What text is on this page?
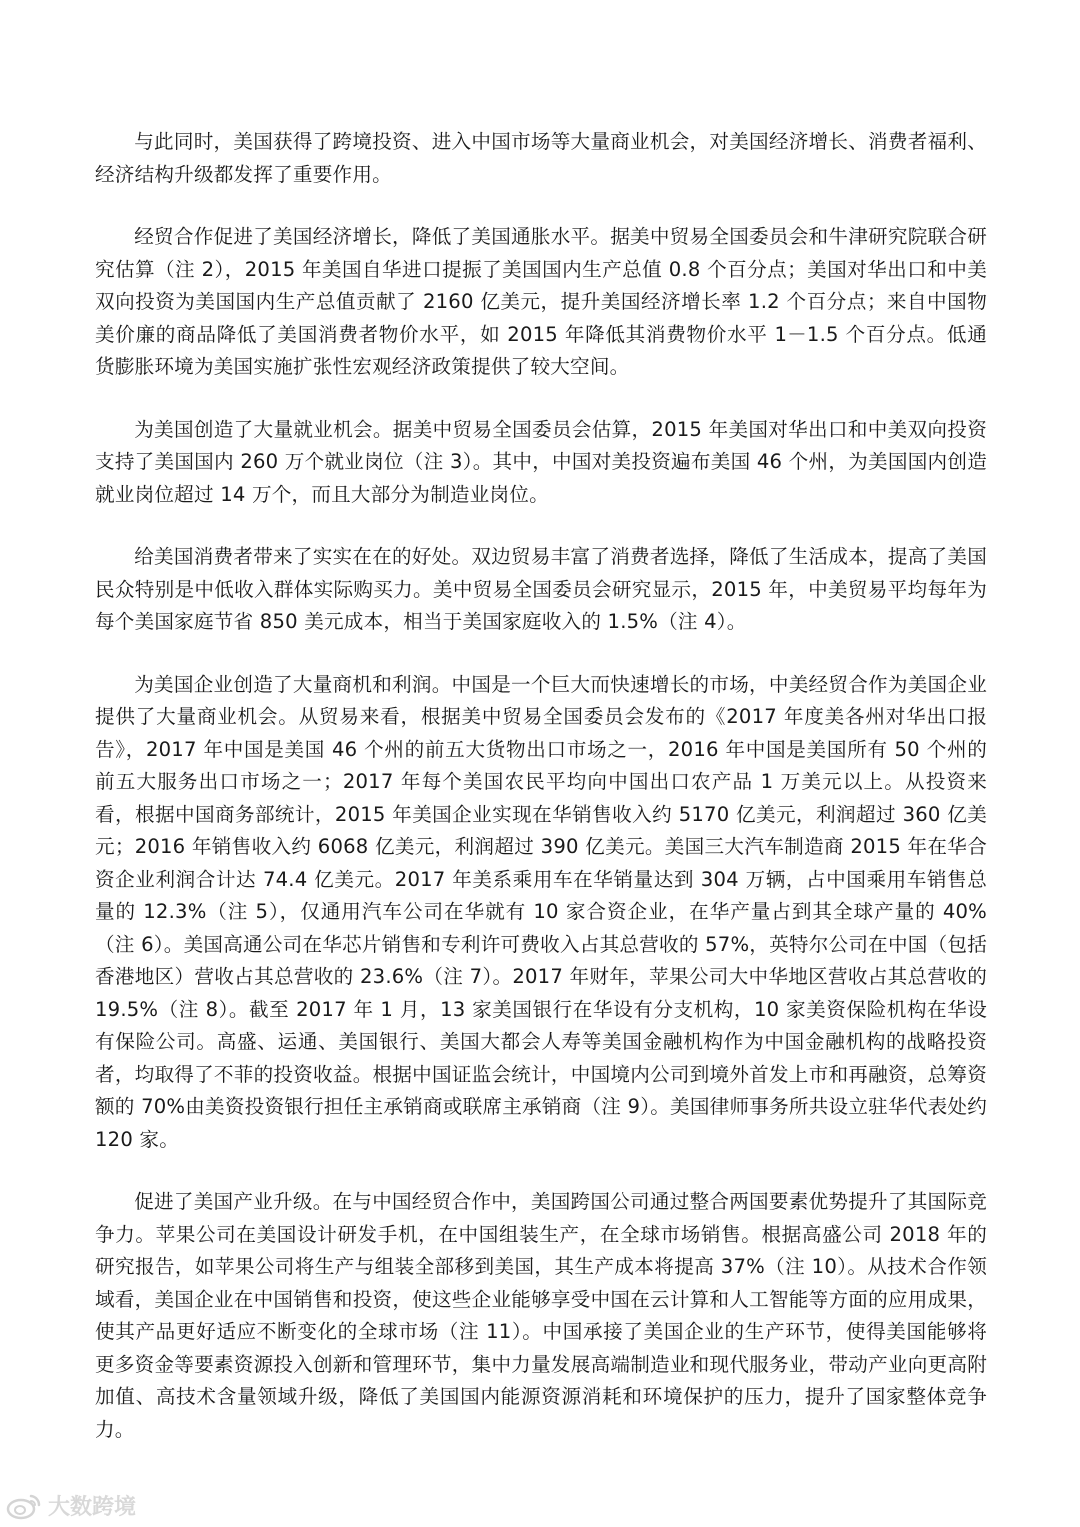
与此同时，美国获得了跨境投资、进入中国市场等大量商业机会，对美国经济增长、消费者福利、经济结构升级都发挥了重要作用。

经贸合作促进了美国经济增长，降低了美国通胀水平。据美中贸易全国委员会和牛津研究院联合研究估算（注 2），2015 年美国自华进口提振了美国国内生产总值 0.8 个百分点；美国对华出口和中美双向投资为美国国内生产总值贡献了 2160 亿美元，提升美国经济增长率 1.2 个百分点；来自中国物美价廉的商品降低了美国消费者物价水平，如 2015 年降低其消费物价水平 1－1.5 个百分点。低通货膨胀环境为美国实施扩张性宏观经济政策提供了较大空间。

为美国创造了大量就业机会。据美中贸易全国委员会估算，2015 年美国对华出口和中美双向投资支持了美国国内 260 万个就业岗位（注 3）。其中，中国对美投资遍布美国 46 个州，为美国国内创造就业岗位超过 14 万个，而且大部分为制造业岗位。

给美国消费者带来了实实在在的好处。双边贸易丰富了消费者选择，降低了生活成本，提高了美国民众特别是中低收入群体实际购买力。美中贸易全国委员会研究显示，2015 年，中美贸易平均每年为每个美国家庭节省 850 美元成本，相当于美国家庭收入的 1.5%（注 4）。

为美国企业创造了大量商机和利润。中国是一个巨大而快速增长的市场，中美经贸合作为美国企业提供了大量商业机会。从贸易来看，根据美中贸易全国委员会发布的《2017 年度美各州对华出口报告》，2017 年中国是美国 46 个州的前五大货物出口市场之一，2016 年中国是美国所有 50 个州的前五大服务出口市场之一；2017 年每个美国农民平均向中国出口农产品 1 万美元以上。从投资来看，根据中国商务部统计，2015 年美国企业实现在华销售收入约 5170 亿美元，利润超过 360 亿美元；2016 年销售收入约 6068 亿美元，利润超过 390 亿美元。美国三大汽车制造商 2015 年在华合资企业利润合计达 74.4 亿美元。2017 年美系乘用车在华销量达到 304 万辆，占中国乘用车销售总量的 12.3%（注 5），仅通用汽车公司在华就有 10 家合资企业，在华产量占到其全球产量的 40%（注 6）。美国高通公司在华芯片销售和专利许可费收入占其总营收的 57%，英特尔公司在中国（包括香港地区）营收占其总营收的 23.6%（注 7）。2017 年财年，苹果公司大中华地区营收占其总营收的 19.5%（注 8）。截至 2017 年 1 月，13 家美国银行在华设有分支机构，10 家美资保险机构在华设有保险公司。高盛、运通、美国银行、美国大都会人寿等美国金融机构作为中国金融机构的战略投资者，均取得了不菲的投资收益。根据中国证监会统计，中国境内公司到境外首发上市和再融资，总筹资额的 70%由美资投资银行担任主承销商或联席主承销商（注 9）。美国律师事务所共设立驻华代表处约 120 家。

促进了美国产业升级。在与中国经贸合作中，美国跨国公司通过整合两国要素优势提升了其国际竞争力。苹果公司在美国设计研发手机，在中国组装生产，在全球市场销售。根据高盛公司 2018 年的研究报告，如苹果公司将生产与组装全部移到美国，其生产成本将提高 37%（注 10）。从技术合作领域看，美国企业在中国销售和投资，使这些企业能够享受中国在云计算和人工智能等方面的应用成果，使其产品更好适应不断变化的全球市场（注 11）。中国承接了美国企业的生产环节，使得美国能够将更多资金等要素资源投入创新和管理环节，集中力量发展高端制造业和现代服务业，带动产业向更高附加值、高技术含量领域升级，降低了美国国内能源资源消耗和环境保护的压力，提升了国家整体竞争力。

大数跨境
